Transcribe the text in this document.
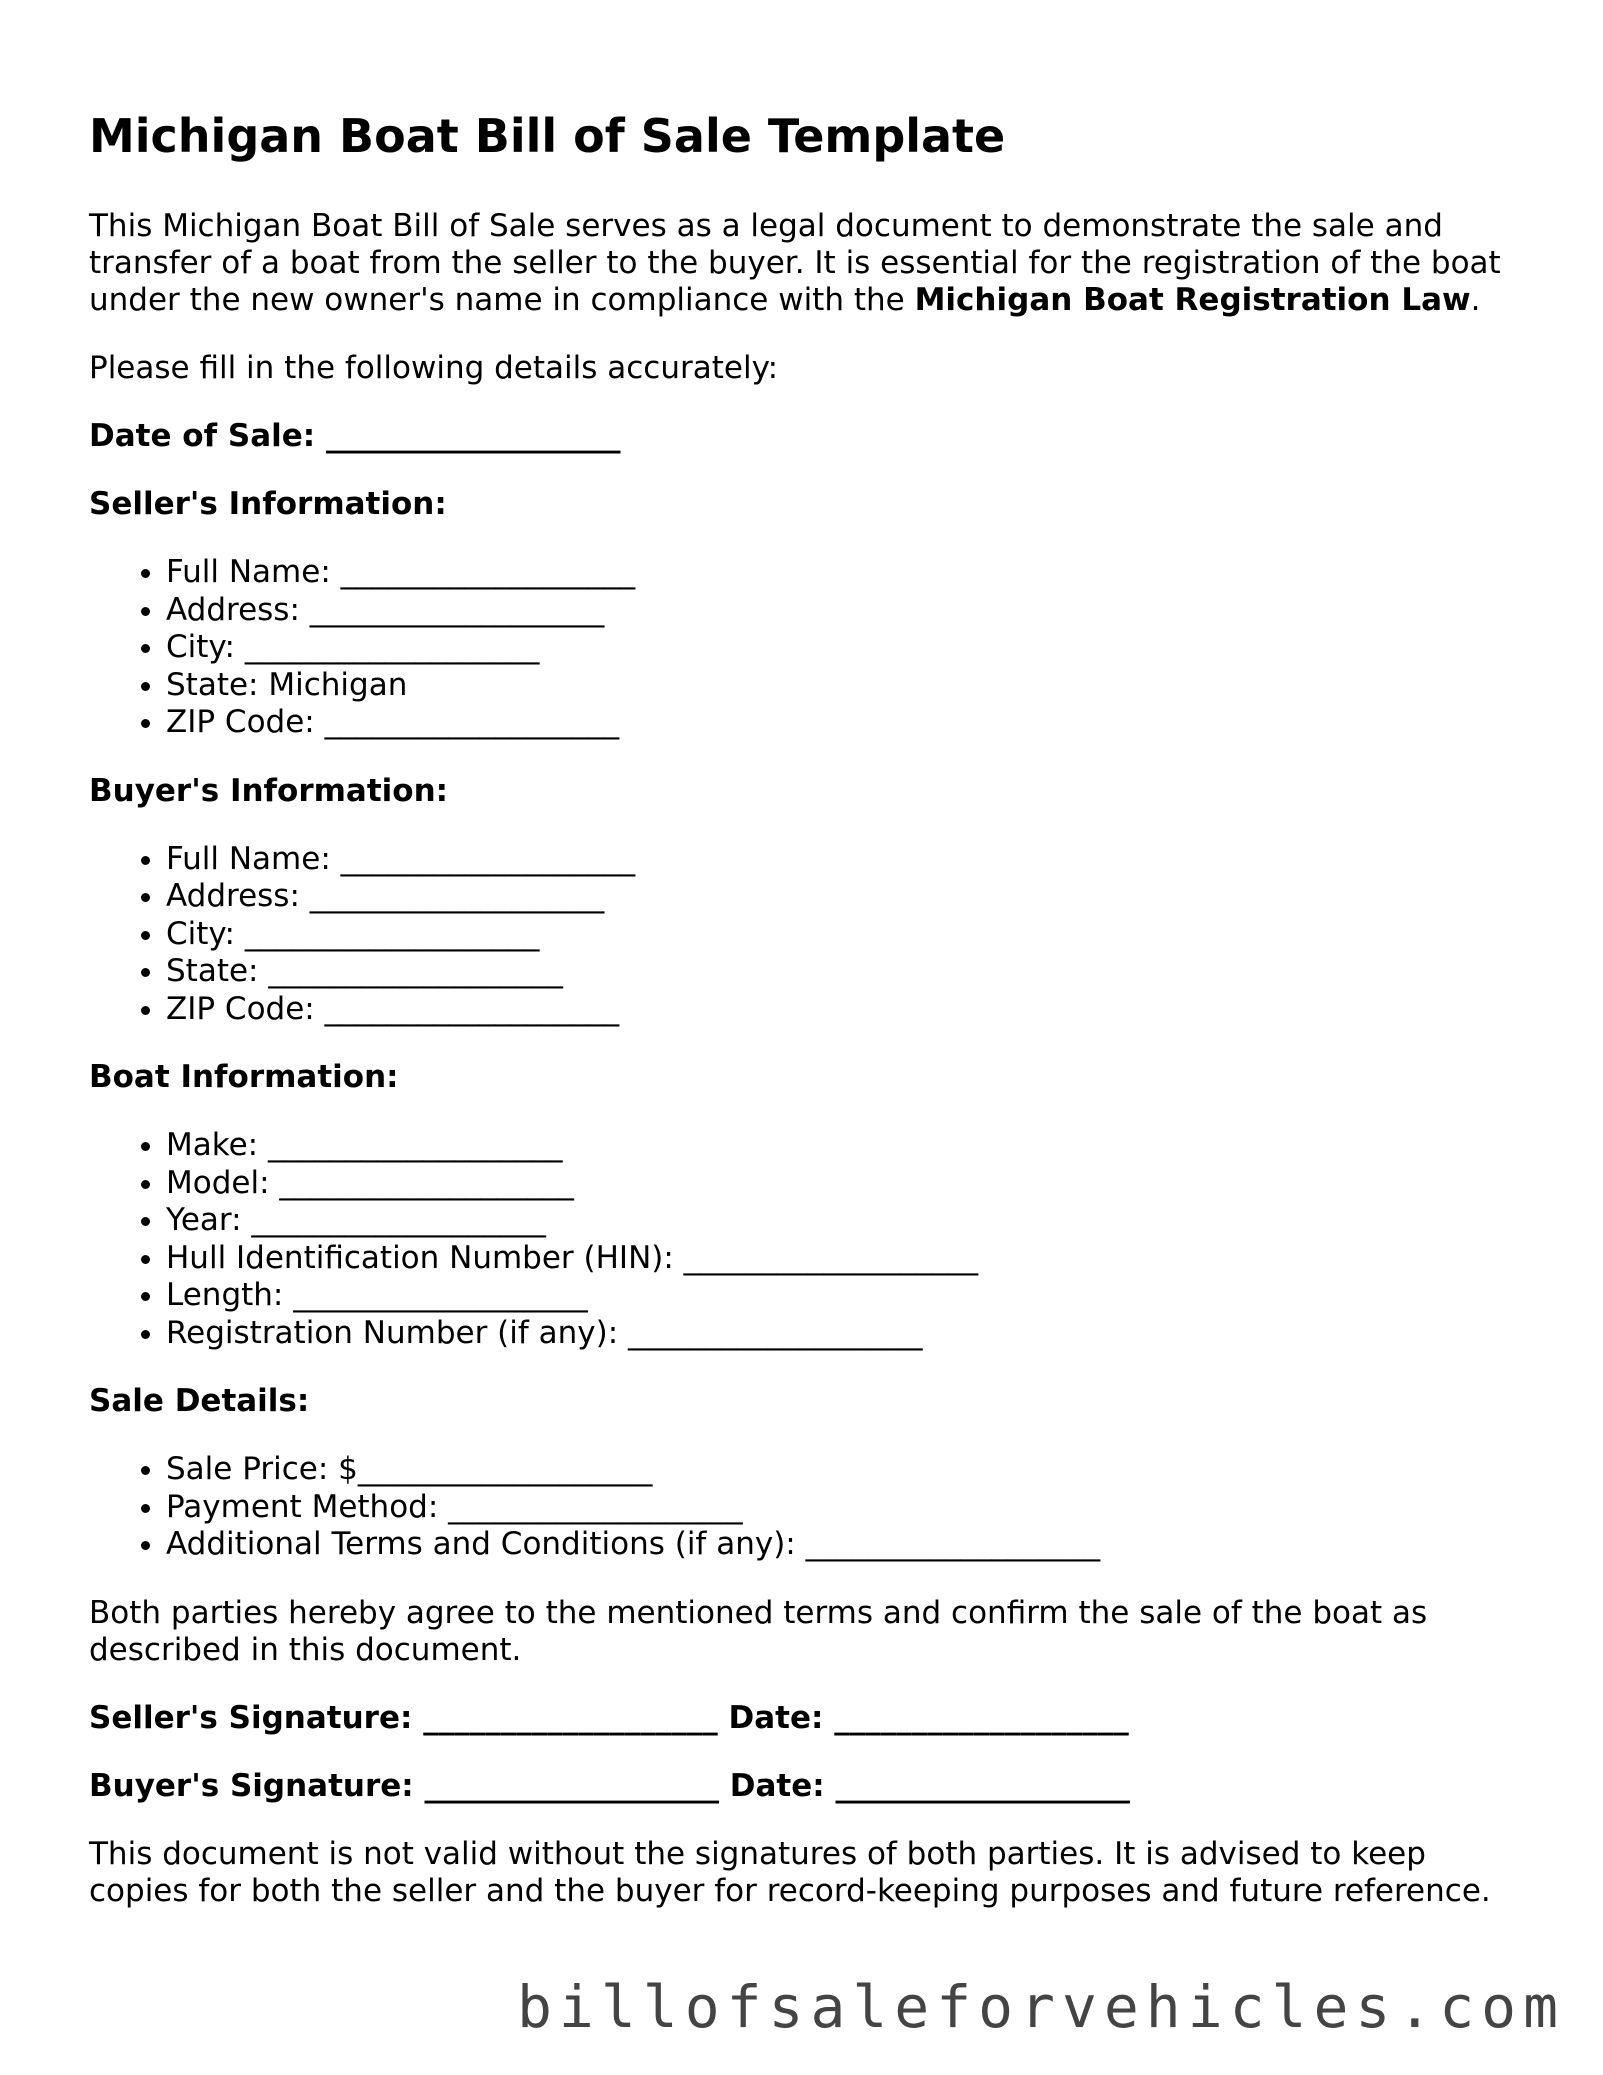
Michigan Boat Bill of Sale Template

This Michigan Boat Bill of Sale serves as a legal document to demonstrate the sale and transfer of a boat from the seller to the buyer. It is essential for the registration of the boat under the new owner's name in compliance with the Michigan Boat Registration Law.

Please fill in the following details accurately:

Date of Sale: ___________________

Seller's Information:

• Full Name: ___________________
• Address: ___________________
• City: ___________________
• State: Michigan
• ZIP Code: ___________________

Buyer's Information:

• Full Name: ___________________
• Address: ___________________
• City: ___________________
• State: ___________________
• ZIP Code: ___________________

Boat Information:

• Make: ___________________
• Model: ___________________
• Year: ___________________
• Hull Identification Number (HIN): ___________________
• Length: ___________________
• Registration Number (if any): ___________________

Sale Details:

• Sale Price: $___________________
• Payment Method: ___________________
• Additional Terms and Conditions (if any): ___________________

Both parties hereby agree to the mentioned terms and confirm the sale of the boat as described in this document.

Seller's Signature: ___________________ Date: ___________________

Buyer's Signature: ___________________ Date: ___________________

This document is not valid without the signatures of both parties. It is advised to keep copies for both the seller and the buyer for record-keeping purposes and future reference.

billofsaleforvehicles.com
